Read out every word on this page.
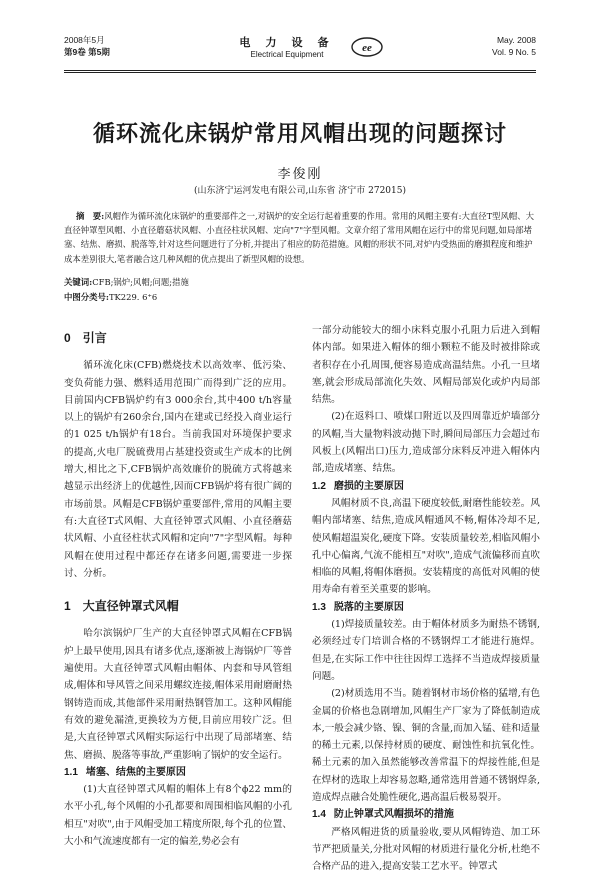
2008年5月
第9卷 第5期
电 力 设 备
Electrical Equipment
ee
May. 2008
Vol. 9 No. 5
循环流化床锅炉常用风帽出现的问题探讨
李俊刚
(山东济宁运河发电有限公司,山东省 济宁市 272015)
摘　要:风帽作为循环流化床锅炉的重要部件之一,对锅炉的安全运行起着重要的作用。常用的风帽主要有:大直径T型风帽、大直径钟罩型风帽、小直径蘑菇状风帽、小直径柱状风帽、定向"7"字型风帽。文章介绍了常用风帽在运行中的常见问题,如局部堵塞、结焦、磨损、脱落等,针对这些问题进行了分析,并提出了相应的防范措施。风帽的形状不同,对炉内受热面的磨损程度和维护成本差别很大,笔者融合这几种风帽的优点提出了新型风帽的设想。
关键词:CFB;锅炉;风帽;问题;措施
中图分类号:TK229. 6⁺6
0 引言

循环流化床(CFB)燃烧技术以高效率、低污染、变负荷能力强、燃料适用范围广而得到广泛的应用。目前国内CFB锅炉约有3 000余台,其中400 t/h容量以上的锅炉有260余台,国内在建或已经投入商业运行的1 025 t/h锅炉有18台。当前我国对环境保护要求的提高,火电厂脱硫费用占基建投资或生产成本的比例增大,相比之下,CFB锅炉高效廉价的脱硫方式将越来越显示出经济上的优越性,因而CFB锅炉将有很广阔的市场前景。风帽是CFB锅炉重要部件,常用的风帽主要有:大直径T式风帽、大直径钟罩式风帽、小直径蘑菇状风帽、小直径柱状式风帽和定向"7"字型风帽。每种风帽在使用过程中都还存在诸多问题,需要进一步探讨、分析。

1 大直径钟罩式风帽

哈尔滨锅炉厂生产的大直径钟罩式风帽在CFB锅炉上最早使用,因具有诸多优点,逐渐被上海锅炉厂等普遍使用。大直径钟罩式风帽由帽体、内套和导风管组成,帽体和导风管之间采用螺纹连接,帽体采用耐磨耐热钢铸造而成,其他部件采用耐热钢管加工。这种风帽能有效的避免漏渣,更换较为方便,目前应用较广泛。但是,大直径钟罩式风帽实际运行中出现了局部堵塞、结焦、磨损、脱落等事故,严重影响了锅炉的安全运行。

1.1 堵塞、结焦的主要原因

(1)大直径钟罩式风帽的帽体上有8个ϕ22 mm的水平小孔,每个风帽的小孔都要和周围相临风帽的小孔相互"对吹",由于风帽受加工精度所限,每个孔的位置、大小和气流速度都有一定的偏差,势必会有

一部分动能较大的细小床料克服小孔阻力后进入到帽体内部。如果进入帽体的细小颗粒不能及时被排除或者积存在小孔周围,便容易造成高温结焦。小孔一旦堵塞,就会形成局部流化失效、风帽局部炭化或炉内局部结焦。

(2)在返料口、喷煤口附近以及四周靠近炉墙部分的风帽,当大量物料波动抛下时,瞬间局部压力会超过布风板上(风帽出口)压力,造成部分床料反冲进入帽体内部,造成堵塞、结焦。

1.2 磨损的主要原因

风帽材质不良,高温下硬度较低,耐磨性能较差。风帽内部堵塞、结焦,造成风帽通风不畅,帽体冷却不足,使风帽超温炭化,硬度下降。安装质量较差,相临风帽小孔中心偏离,气流不能相互"对吹",造成气流偏移而直吹相临的风帽,将帽体磨损。安装精度的高低对风帽的使用寿命有着至关重要的影响。

1.3 脱落的主要原因

(1)焊接质量较差。由于帽体材质多为耐热不锈钢,必须经过专门培训合格的不锈钢焊工才能进行施焊。但是,在实际工作中往往因焊工选择不当造成焊接质量问题。

(2)材质选用不当。随着钢材市场价格的猛增,有色金属的价格也急剧增加,风帽生产厂家为了降低制造成本,一般会减少铬、镍、铜的含量,而加入锰、硅和适量的稀土元素,以保持材质的硬度、耐蚀性和抗氧化性。稀土元素的加入虽然能够改善常温下的焊接性能,但是在焊材的选取上却容易忽略,通常选用普通不锈钢焊条,造成焊点融合处脆性硬化,遇高温后极易裂开。

1.4 防止钟罩式风帽损坏的措施

严格风帽进货的质量验收,要从风帽铸造、加工环节严把质量关,分批对风帽的材质进行量化分析,杜绝不合格产品的进入,提高安装工艺水平。钟罩式
